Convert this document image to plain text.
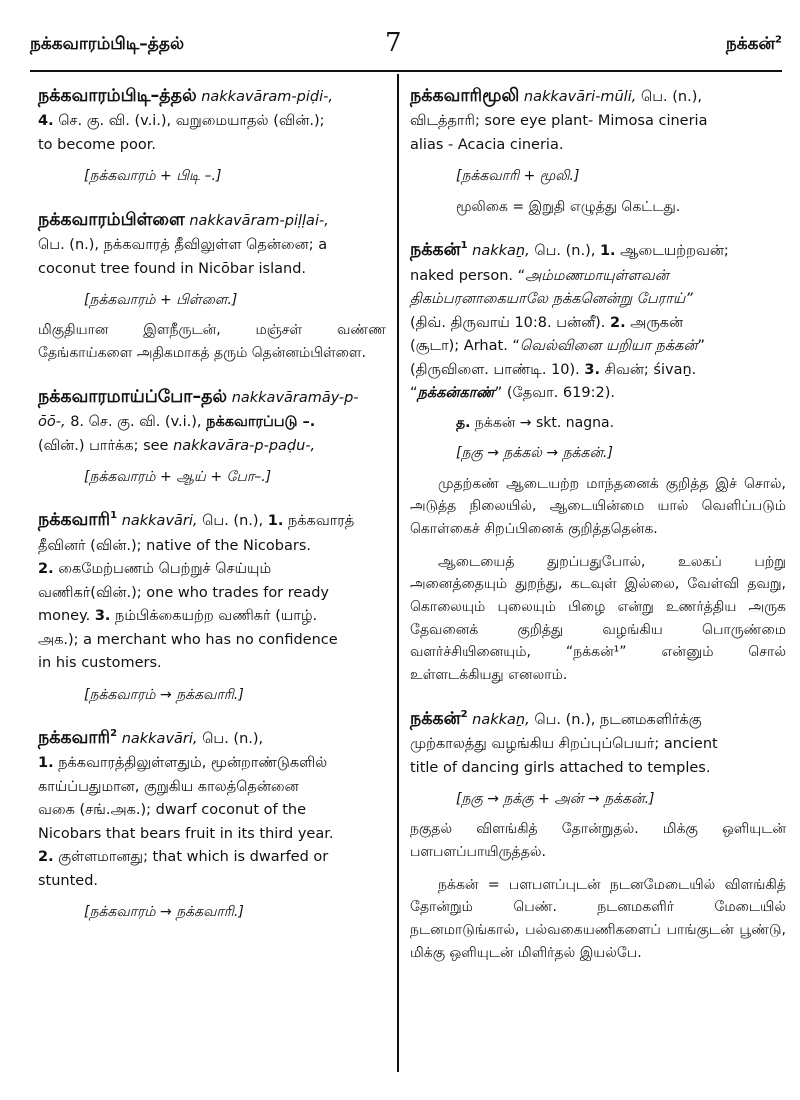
நக்கவாரம்பிடி–த்தல்	7	நக்கன்$^2$

நக்கவாரம்பிடி–த்தல் nakkavāram-piḍi-,

4. செ. கு. வி. (v.i.), வறுமையாதல் (வின்.);

to become poor.

[நக்கவாரம் + பிடி –.]

நக்கவாரம்பிள்ளை nakkavāram-piḷḷai-,

பெ. (n.), நக்கவாரத் தீவிலுள்ள தென்னை; a

coconut tree found in Nicōbar island.

[நக்கவாரம் + பிள்ளை.]

மிகுதியான இளநீருடன், மஞ்சள் வண்ண தேங்காய்களை அதிகமாகத் தரும் தென்னம்பிள்ளை.

நக்கவாரமாய்ப்போ–தல் nakkavāramāy-p-

ōō-, 8. செ. கு. வி. (v.i.), நக்கவாரப்படு –.

(வின்.) பார்க்க; see nakkavāra-p-paḍu-,

[நக்கவாரம் + ஆய் + போ–.]

நக்கவாரி$^1$ nakkavāri, பெ. (n.), 1. நக்கவாரத்

தீவினர் (வின்.); native of the Nicobars.

2. கைமேற்பணம் பெற்றுச் செய்யும்

வணிகர்(வின்.); one who trades for ready

money. 3. நம்பிக்கையற்ற வணிகர் (யாழ்.

அக.); a merchant who has no confidence

in his customers.

[நக்கவாரம் → நக்கவாரி.]

நக்கவாரி$^2$ nakkavāri, பெ. (n.),

1. நக்கவாரத்திலுள்ளதும், மூன்றாண்டுகளில்

காய்ப்பதுமான, குறுகிய காலத்தென்னை

வகை (சங்.அக.); dwarf coconut of the

Nicobars that bears fruit in its third year.

2. குள்ளமானது; that which is dwarfed or

stunted.

[நக்கவாரம் → நக்கவாரி.]

நக்கவாரிமூலி nakkavāri-mūli, பெ. (n.),

விடத்தாரி; sore eye plant- Mimosa cineria

alias - Acacia cineria.

[நக்கவாரி + மூலி.]

மூலிகை = இறுதி எழுத்து கெட்டது.

நக்கன்$^1$ nakkaṉ, பெ. (n.), 1. ஆடையற்றவன்;

naked person. “அம்மணமாயுள்ளவன்

திகம்பரனாகையாலே நக்கனென்று பேராய்”

(திவ். திருவாய் 10:8. பன்னீ). 2. அருகன்

(சூடா); Arhat. “வெல்வினை யறியா நக்கன்”

(திருவிளை. பாண்டி. 10). 3. சிவன்; śivaṉ.

“நக்கன்காண்” (தேவா. 619:2).

த. நக்கன் → skt. nagna.

[நகு → நக்கல் → நக்கன்.]

முதற்கண் ஆடையற்ற மாந்தனைக் குறித்த இச் சொல், அடுத்த நிலையில், ஆடையின்மை யால் வெளிப்படும் கொள்கைச் சிறப்பினைக் குறித்ததென்க.

ஆடையைத் துறப்பதுபோல், உலகப் பற்று அனைத்தையும் துறந்து, கடவுள் இல்லை, வேள்வி தவறு, கொலையும் புலையும் பிழை என்று உணர்த்திய அருக தேவனைக் குறித்து வழங்கிய பொருண்மை வளர்ச்சியினையும், “நக்கன்¹” என்னும் சொல் உள்ளடக்கியது எனலாம்.

நக்கன்$^2$ nakkaṉ, பெ. (n.), நடனமகளிர்க்கு

முற்காலத்து வழங்கிய சிறப்புப்பெயர்; ancient

title of dancing girls attached to temples.

[நகு → நக்கு + அன் → நக்கன்.]

நகுதல் விளங்கித் தோன்றுதல். மிக்கு ஒளியுடன் பளபளப்பாயிருத்தல்.

நக்கன் = பளபளப்புடன் நடனமேடையில் விளங்கித் தோன்றும் பெண். நடனமகளிர் மேடையில் நடனமாடுங்கால், பல்வகையணிகளைப் பாங்குடன் பூண்டு, மிக்கு ஒளியுடன் மிளிர்தல் இயல்பே.
